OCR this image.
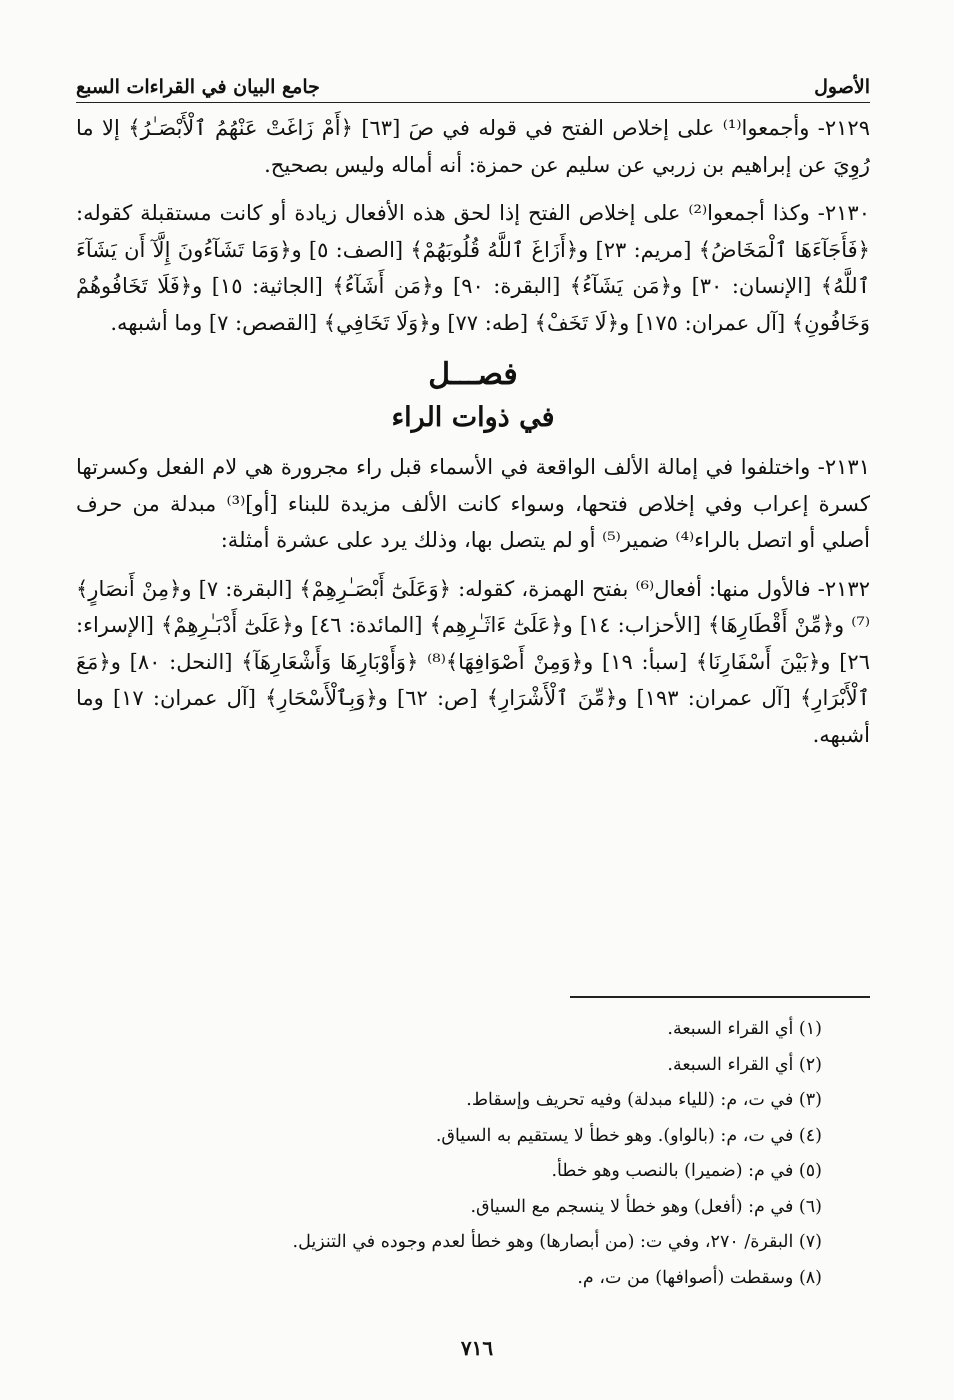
الأصول
جامع البيان في القراءات السبع

٢١٢٩- وأجمعوا⁽¹⁾ على إخلاص الفتح في قوله في صَ [٦٣] ﴿أَمْ زَاغَتْ عَنْهُمُ ٱلْأَبْصَـٰرُ﴾ إلا ما رُوِيَ عن إبراهيم بن زربي عن سليم عن حمزة: أنه أماله وليس بصحيح.

٢١٣٠- وكذا أجمعوا⁽²⁾ على إخلاص الفتح إذا لحق هذه الأفعال زيادة أو كانت مستقبلة كقوله: ﴿فَأَجَآءَهَا ٱلْمَخَاضُ﴾ [مريم: ٢٣] و﴿أَزَاغَ ٱللَّهُ قُلُوبَهُمْ﴾ [الصف: ٥] و﴿وَمَا تَشَآءُونَ إِلَّآ أَن يَشَآءَ ٱللَّهُ﴾ [الإنسان: ٣٠] و﴿مَن يَشَآءُ﴾ [البقرة: ٩٠] و﴿مَن أَشَآءُ﴾ [الجاثية: ١٥] و﴿فَلَا تَخَافُوهُمْ وَخَافُونِ﴾ [آل عمران: ١٧٥] و﴿لَا تَخَفْ﴾ [طه: ٧٧] و﴿وَلَا تَخَافِي﴾ [القصص: ٧] وما أشبهه.

فصـــل

في ذوات الراء

٢١٣١- واختلفوا في إمالة الألف الواقعة في الأسماء قبل راء مجرورة هي لام الفعل وكسرتها كسرة إعراب وفي إخلاص فتحها، وسواء كانت الألف مزيدة للبناء [أو]⁽³⁾ مبدلة من حرف أصلي أو اتصل بالراء⁽⁴⁾ ضمير⁽⁵⁾ أو لم يتصل بها، وذلك يرد على عشرة أمثلة:

٢١٣٢- فالأول منها: أفعال⁽⁶⁾ بفتح الهمزة، كقوله: ﴿وَعَلَىٰٓ أَبْصَـٰرِهِمْ﴾ [البقرة: ٧] و﴿مِنْ أَنصَارٍ﴾⁽⁷⁾ و﴿مِّنْ أَقْطَارِهَا﴾ [الأحزاب: ١٤] و﴿عَلَىٰٓ ءَاثَـٰرِهِم﴾ [المائدة: ٤٦] و﴿عَلَىٰٓ أَدْبَـٰرِهِمْ﴾ [الإسراء: ٢٦] و﴿بَيْنَ أَسْفَارِنَا﴾ [سبأ: ١٩] و﴿وَمِنْ أَصْوَافِهَا﴾⁽⁸⁾ ﴿وَأَوْبَارِهَا وَأَشْعَارِهَآ﴾ [النحل: ٨٠] و﴿مَعَ ٱلْأَبْرَارِ﴾ [آل عمران: ١٩٣] و﴿مِّنَ ٱلْأَشْرَارِ﴾ [ص: ٦٢] و﴿وَبِٱلْأَسْحَارِ﴾ [آل عمران: ١٧] وما أشبهه.

(١) أي القراء السبعة.

(٢) أي القراء السبعة.

(٣) في ت، م: (للياء مبدلة) وفيه تحريف وإسقاط.

(٤) في ت، م: (بالواو). وهو خطأ لا يستقيم به السياق.

(٥) في م: (ضميرا) بالنصب وهو خطأ.

(٦) في م: (أفعل) وهو خطأ لا ينسجم مع السياق.

(٧) البقرة/ ٢٧٠، وفي ت: (من أبصارها) وهو خطأ لعدم وجوده في التنزيل.

(٨) وسقطت (أصوافها) من ت، م.

٧١٦
